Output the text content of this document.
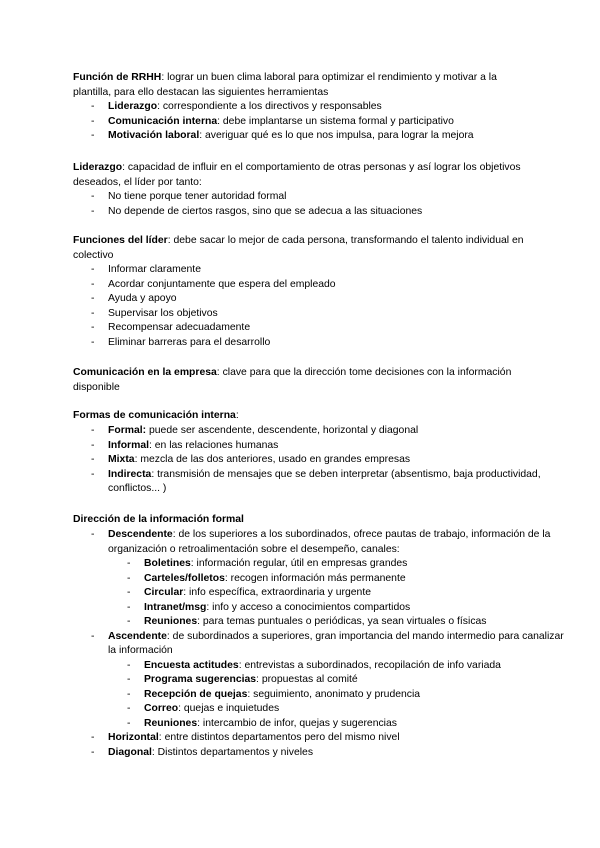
Función de RRHH: lograr un buen clima laboral para optimizar el rendimiento y motivar a la plantilla, para ello destacan las siguientes herramientas

- Liderazgo: correspondiente a los directivos y responsables
- Comunicación interna: debe implantarse un sistema formal y participativo
- Motivación laboral: averiguar qué es lo que nos impulsa, para lograr la mejora

Liderazgo: capacidad de influir en el comportamiento de otras personas y así lograr los objetivos deseados, el líder por tanto:

- No tiene porque tener autoridad formal
- No depende de ciertos rasgos, sino que se adecua a las situaciones

Funciones del líder: debe sacar lo mejor de cada persona, transformando el talento individual en colectivo

- Informar claramente
- Acordar conjuntamente que espera del empleado
- Ayuda y apoyo
- Supervisar los objetivos
- Recompensar adecuadamente
- Eliminar barreras para el desarrollo

Comunicación en la empresa: clave para que la dirección tome decisiones con la información disponible

Formas de comunicación interna:

- Formal: puede ser ascendente, descendente, horizontal y diagonal
- Informal: en las relaciones humanas
- Mixta: mezcla de las dos anteriores, usado en grandes empresas
- Indirecta: transmisión de mensajes que se deben interpretar (absentismo, baja productividad, conflictos... )

Dirección de la información formal

- Descendente: de los superiores a los subordinados, ofrece pautas de trabajo, información de la organización o retroalimentación sobre el desempeño, canales:
- Boletines: información regular, útil en empresas grandes
- Carteles/folletos: recogen información más permanente
- Circular: info específica, extraordinaria y urgente
- Intranet/msg: info y acceso a conocimientos compartidos
- Reuniones: para temas puntuales o periódicas, ya sean virtuales o físicas
- Ascendente: de subordinados a superiores, gran importancia del mando intermedio para canalizar la información
- Encuesta actitudes: entrevistas a subordinados, recopilación de info variada
- Programa sugerencias: propuestas al comité
- Recepción de quejas: seguimiento, anonimato y prudencia
- Correo: quejas e inquietudes
- Reuniones: intercambio de infor, quejas y sugerencias
- Horizontal: entre distintos departamentos pero del mismo nivel
- Diagonal: Distintos departamentos y niveles
